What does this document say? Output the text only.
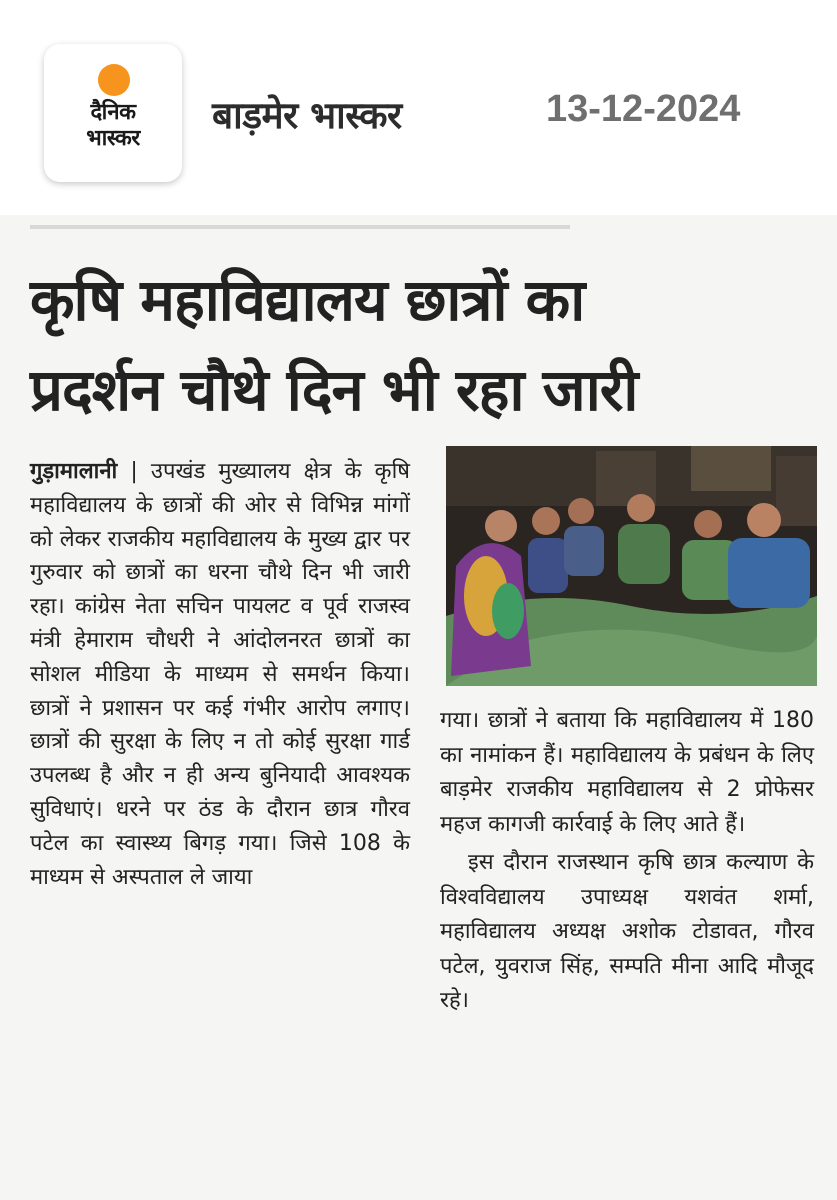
दैनिक
भास्कर
बाड़मेर भास्कर	13-12-2024
कृषि महाविद्यालय छात्रों का
प्रदर्शन चौथे दिन भी रहा जारी

गुड़ामालानी | उपखंड मुख्यालय क्षेत्र के कृषि महाविद्यालय के छात्रों की ओर से विभिन्न मांगों को लेकर राजकीय महाविद्यालय के मुख्य द्वार पर गुरुवार को छात्रों का धरना चौथे दिन भी जारी रहा। कांग्रेस नेता सचिन पायलट व पूर्व राजस्व मंत्री हेमाराम चौधरी ने आंदोलनरत छात्रों का सोशल मीडिया के माध्यम से समर्थन किया। छात्रों ने प्रशासन पर कई गंभीर आरोप लगाए। छात्रों की सुरक्षा के लिए न तो कोई सुरक्षा गार्ड उपलब्ध है और न ही अन्य बुनियादी आवश्यक सुविधाएं। धरने पर ठंड के दौरान छात्र गौरव पटेल का स्वास्थ्य बिगड़ गया। जिसे 108 के माध्यम से अस्पताल ले जाया

गया। छात्रों ने बताया कि महाविद्यालय में 180 का नामांकन हैं। महाविद्यालय के प्रबंधन के लिए बाड़मेर राजकीय महाविद्यालय से 2 प्रोफेसर महज कागजी कार्रवाई के लिए आते हैं।

इस दौरान राजस्थान कृषि छात्र कल्याण के विश्वविद्यालय उपाध्यक्ष यशवंत शर्मा, महाविद्यालय अध्यक्ष अशोक टोडावत, गौरव पटेल, युवराज सिंह, सम्पति मीना आदि मौजूद रहे।
